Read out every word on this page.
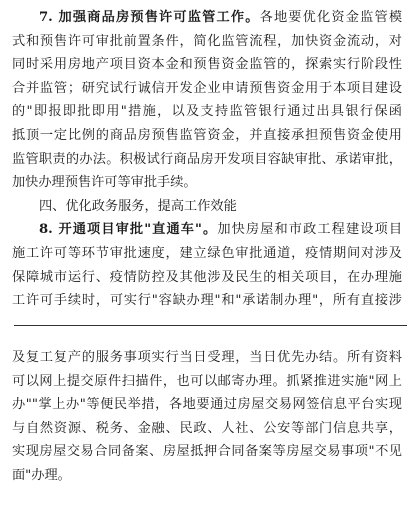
7. 加强商品房预售许可监管工作。各地要优化资金监管模
式和预售许可审批前置条件，简化监管流程，加快资金流动，对
同时采用房地产项目资本金和预售资金监管的，探索实行阶段性
合并监管；研究试行诚信开发企业申请预售资金用于本项目建设
的"即报即批即用"措施，以及支持监管银行通过出具银行保函
抵顶一定比例的商品房预售监管资金，并直接承担预售资金使用
监管职责的办法。积极试行商品房开发项目容缺审批、承诺审批，
加快办理预售许可等审批手续。
四、优化政务服务，提高工作效能
8. 开通项目审批"直通车"。加快房屋和市政工程建设项目
施工许可等环节审批速度，建立绿色审批通道，疫情期间对涉及
保障城市运行、疫情防控及其他涉及民生的相关项目，在办理施
工许可手续时，可实行"容缺办理"和"承诺制办理"，所有直接涉
及复工复产的服务事项实行当日受理，当日优先办结。所有资料
可以网上提交原件扫描件，也可以邮寄办理。抓紧推进实施"网上
办""掌上办"等便民举措，各地要通过房屋交易网签信息平台实现
与自然资源、税务、金融、民政、人社、公安等部门信息共享，
实现房屋交易合同备案、房屋抵押合同备案等房屋交易事项"不见
面"办理。
